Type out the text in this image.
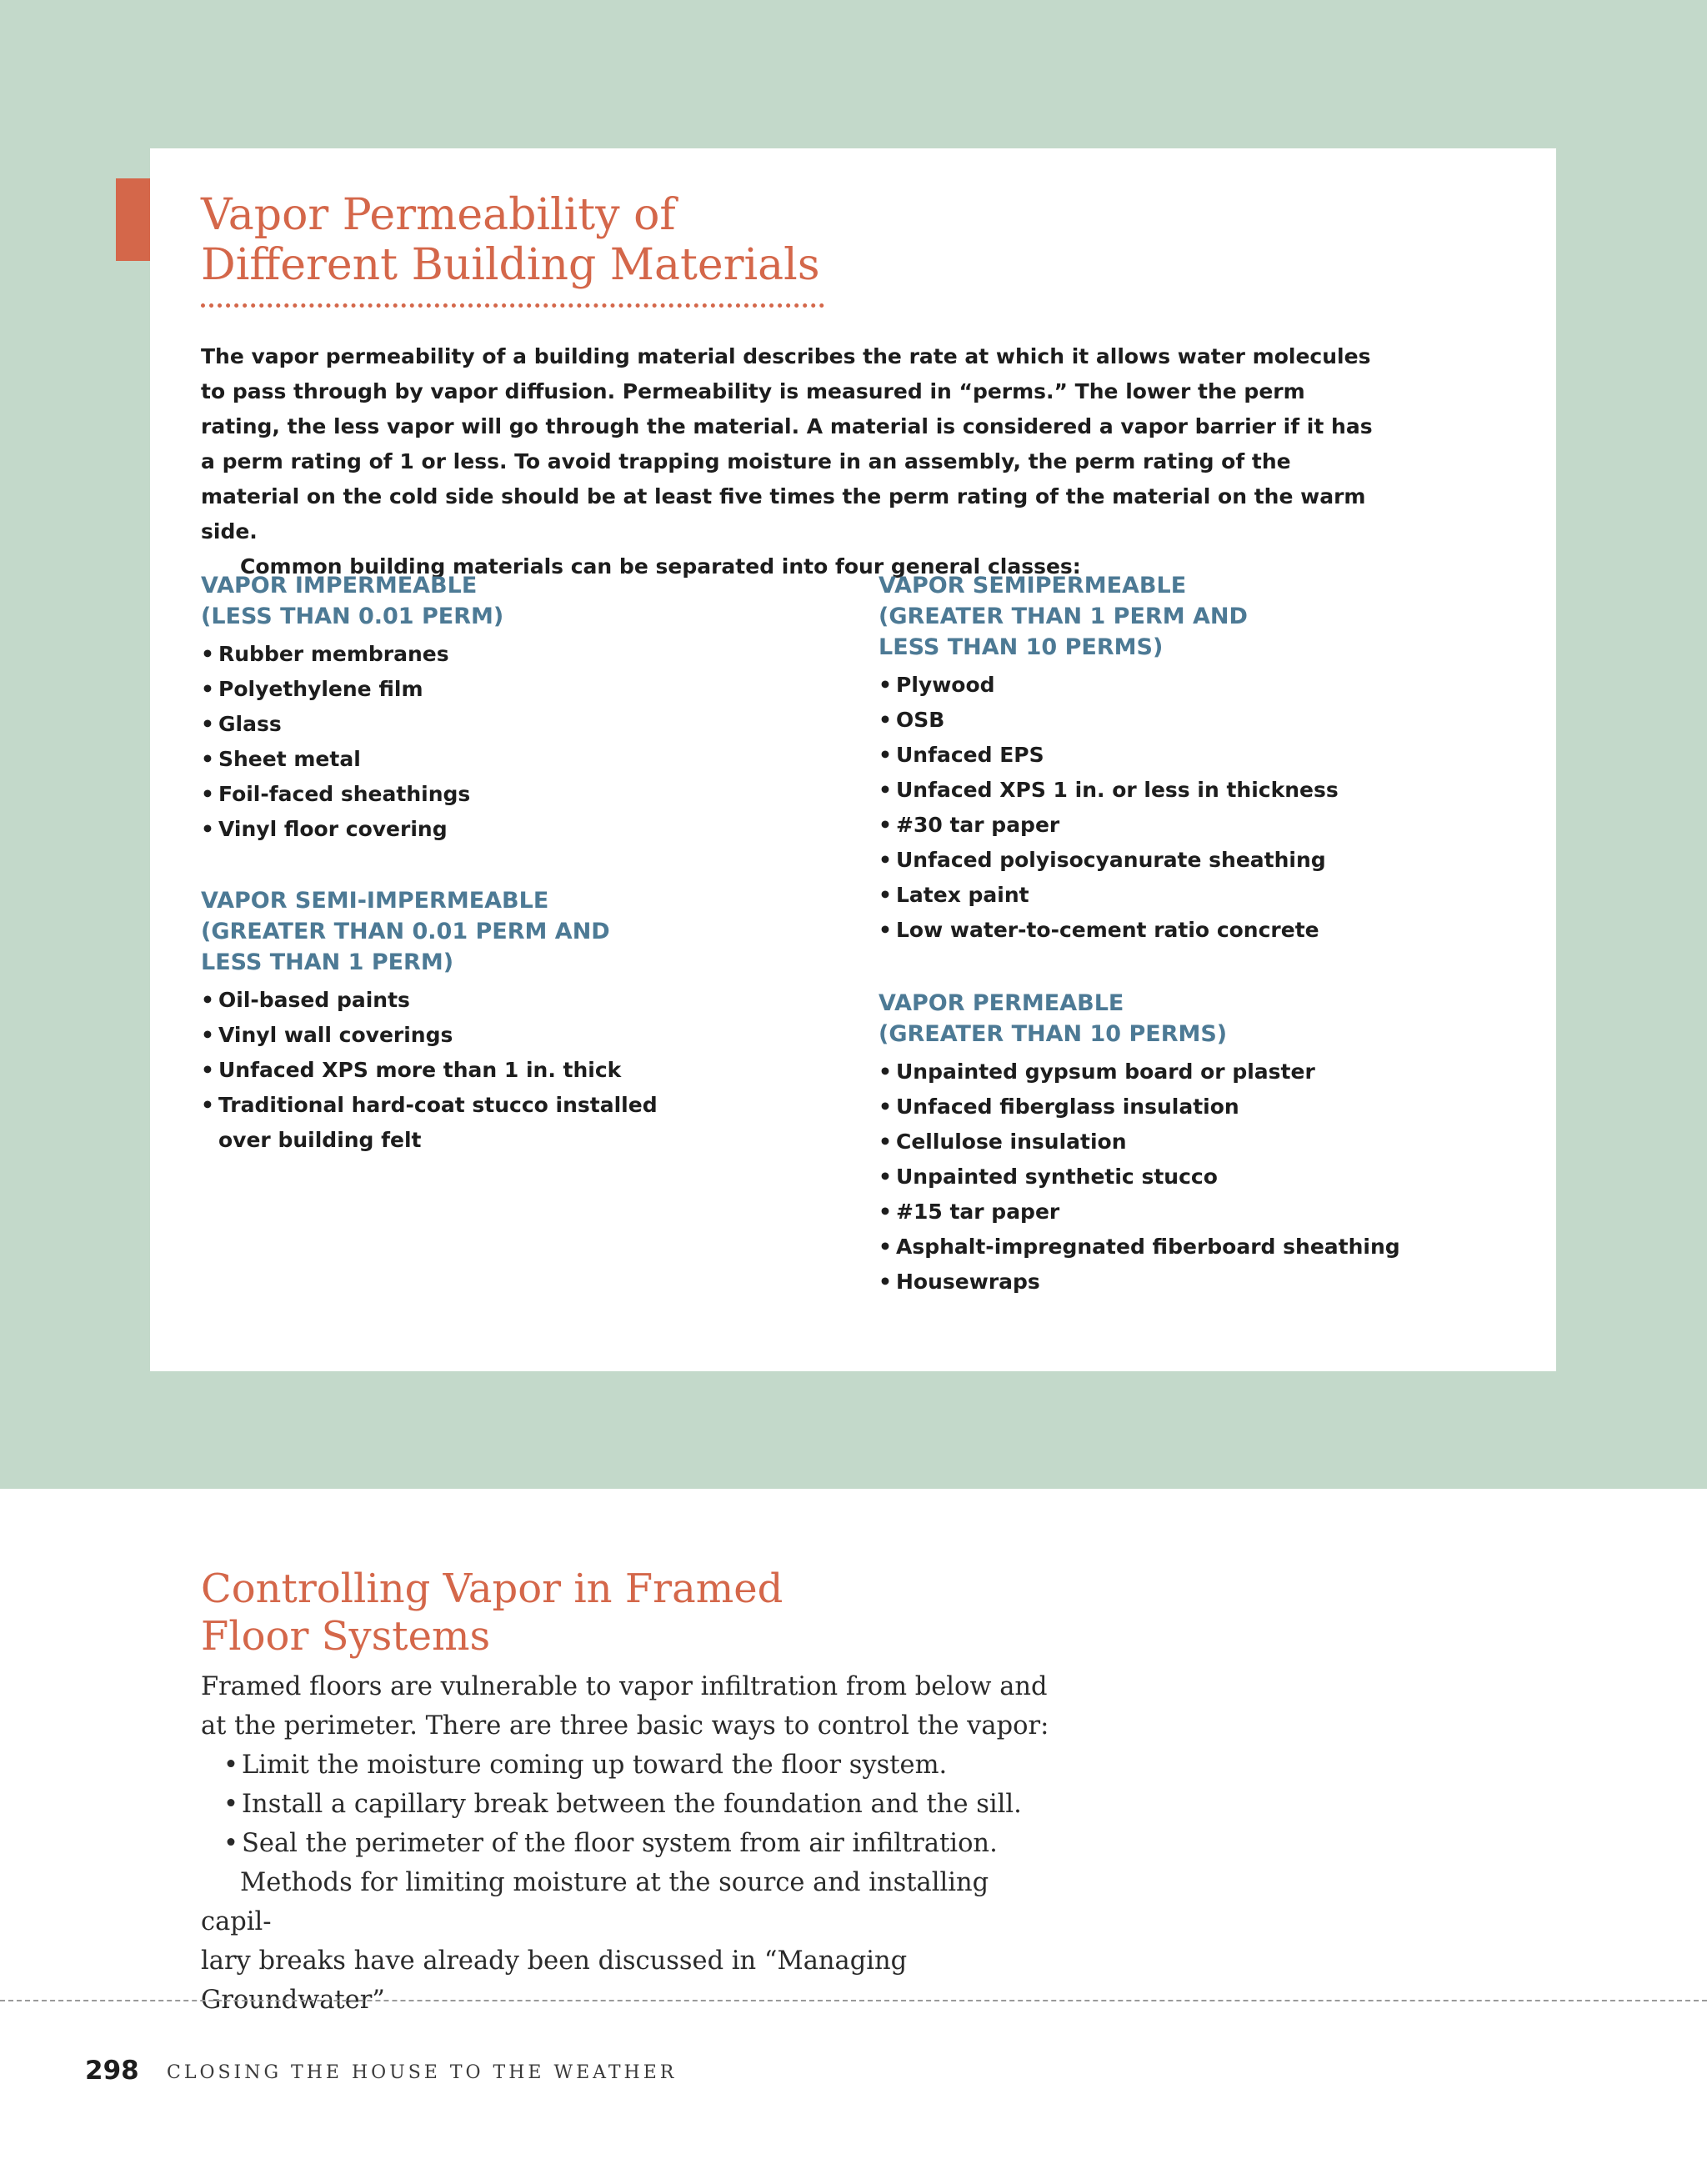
Vapor Permeability of
Different Building Materials

The vapor permeability of a building material describes the rate at which it allows water molecules to pass through by vapor diffusion. Permeability is measured in “perms.” The lower the perm rating, the less vapor will go through the material. A material is considered a vapor barrier if it has a perm rating of 1 or less. To avoid trapping moisture in an assembly, the perm rating of the material on the cold side should be at least five times the perm rating of the material on the warm side.

Common building materials can be separated into four general classes:

VAPOR IMPERMEABLE
(LESS THAN 0.01 PERM)
• Rubber membranes
• Polyethylene film
• Glass
• Sheet metal
• Foil-faced sheathings
• Vinyl floor covering
VAPOR SEMI-IMPERMEABLE
(GREATER THAN 0.01 PERM AND
LESS THAN 1 PERM)
• Oil-based paints
• Vinyl wall coverings
• Unfaced XPS more than 1 in. thick
• Traditional hard-coat stucco installed over building felt
VAPOR SEMIPERMEABLE
(GREATER THAN 1 PERM AND
LESS THAN 10 PERMS)
• Plywood
• OSB
• Unfaced EPS
• Unfaced XPS 1 in. or less in thickness
• #30 tar paper
• Unfaced polyisocyanurate sheathing
• Latex paint
• Low water-to-cement ratio concrete
VAPOR PERMEABLE
(GREATER THAN 10 PERMS)
• Unpainted gypsum board or plaster
• Unfaced fiberglass insulation
• Cellulose insulation
• Unpainted synthetic stucco
• #15 tar paper
• Asphalt-impregnated fiberboard sheathing
• Housewraps
Controlling Vapor in Framed
Floor Systems

Framed floors are vulnerable to vapor infiltration from below and at the perimeter. There are three basic ways to control the vapor:

• Limit the moisture coming up toward the floor system.
• Install a capillary break between the foundation and the sill.
• Seal the perimeter of the floor system from air infiltration.

Methods for limiting moisture at the source and installing capil-

lary breaks have already been discussed in “Managing Groundwater”

298 CLOSING THE HOUSE TO THE WEATHER
